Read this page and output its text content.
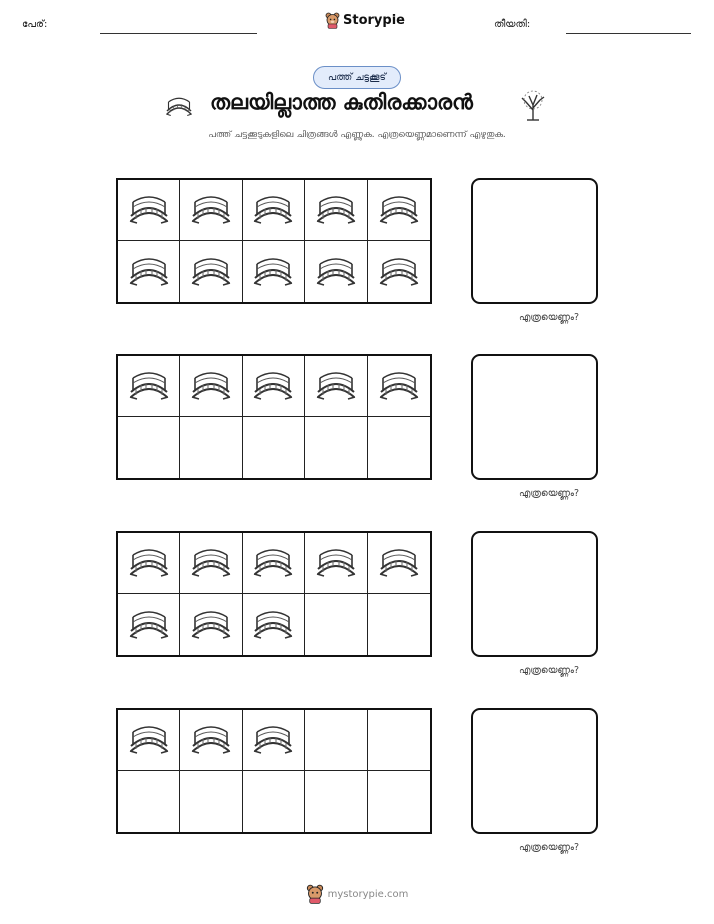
പേര്:	Storypie	തീയതി:
പത്ത് ചട്ടക്കൂട്
തലയില്ലാത്ത കുതിരക്കാരൻ
പത്ത് ചട്ടക്കൂടുകളിലെ ചിത്രങ്ങൾ എണ്ണുക. എത്രയെണ്ണമാണെന്ന് എഴുതുക.
എത്രയെണ്ണം?
എത്രയെണ്ണം?
എത്രയെണ്ണം?
എത്രയെണ്ണം?
mystorypie.com
